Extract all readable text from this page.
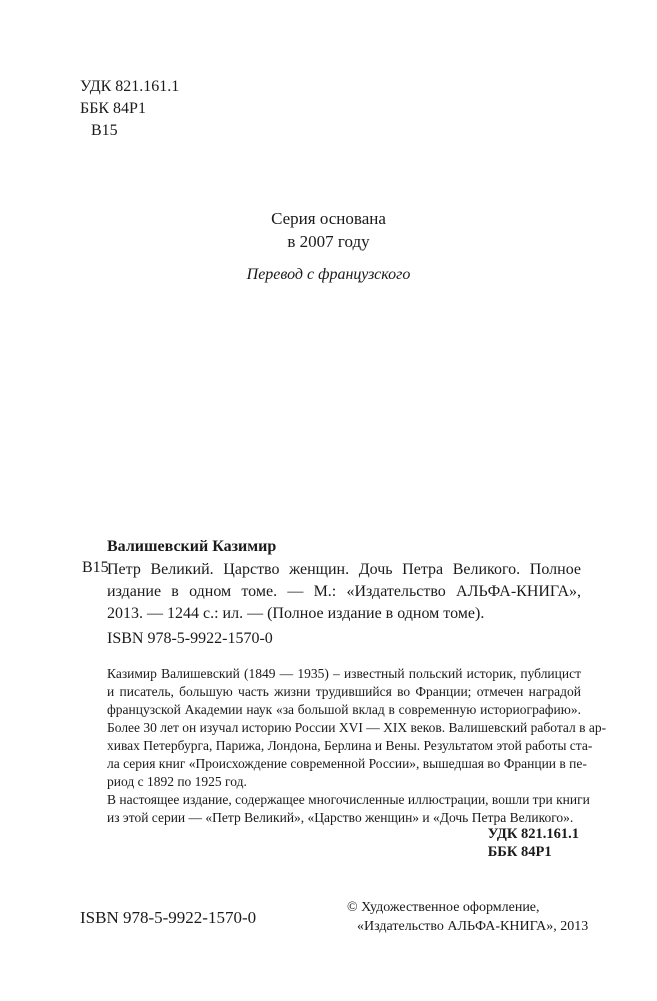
УДК 821.161.1
ББК 84Р1
В15
Серия основана
в 2007 году
Перевод с французского
Валишевский Казимир
В15
Петр Великий. Царство женщин. Дочь Петра Великого. Полное
издание в одном томе. — М.: «Издательство АЛЬФА-КНИГА»,
2013. — 1244 с.: ил. — (Полное издание в одном томе).
ISBN 978-5-9922-1570-0

Казимир Валишевский (1849 — 1935) – известный польский историк, публицист
и писатель, большую часть жизни трудившийся во Франции; отмечен наградой
французской Академии наук «за большой вклад в современную историографию».
Более 30 лет он изучал историю России XVI — XIX веков. Валишевский работал в ар-
хивах Петербурга, Парижа, Лондона, Берлина и Вены. Результатом этой работы ста-
ла серия книг «Происхождение современной России», вышедшая во Франции в пе-
риод с 1892 по 1925 год.

В настоящее издание, содержащее многочисленные иллюстрации, вошли три книги
из этой серии — «Петр Великий», «Царство женщин» и «Дочь Петра Великого».

УДК 821.161.1
ББК 84Р1
ISBN 978-5-9922-1570-0
© Художественное оформление,
«Издательство АЛЬФА-КНИГА», 2013
